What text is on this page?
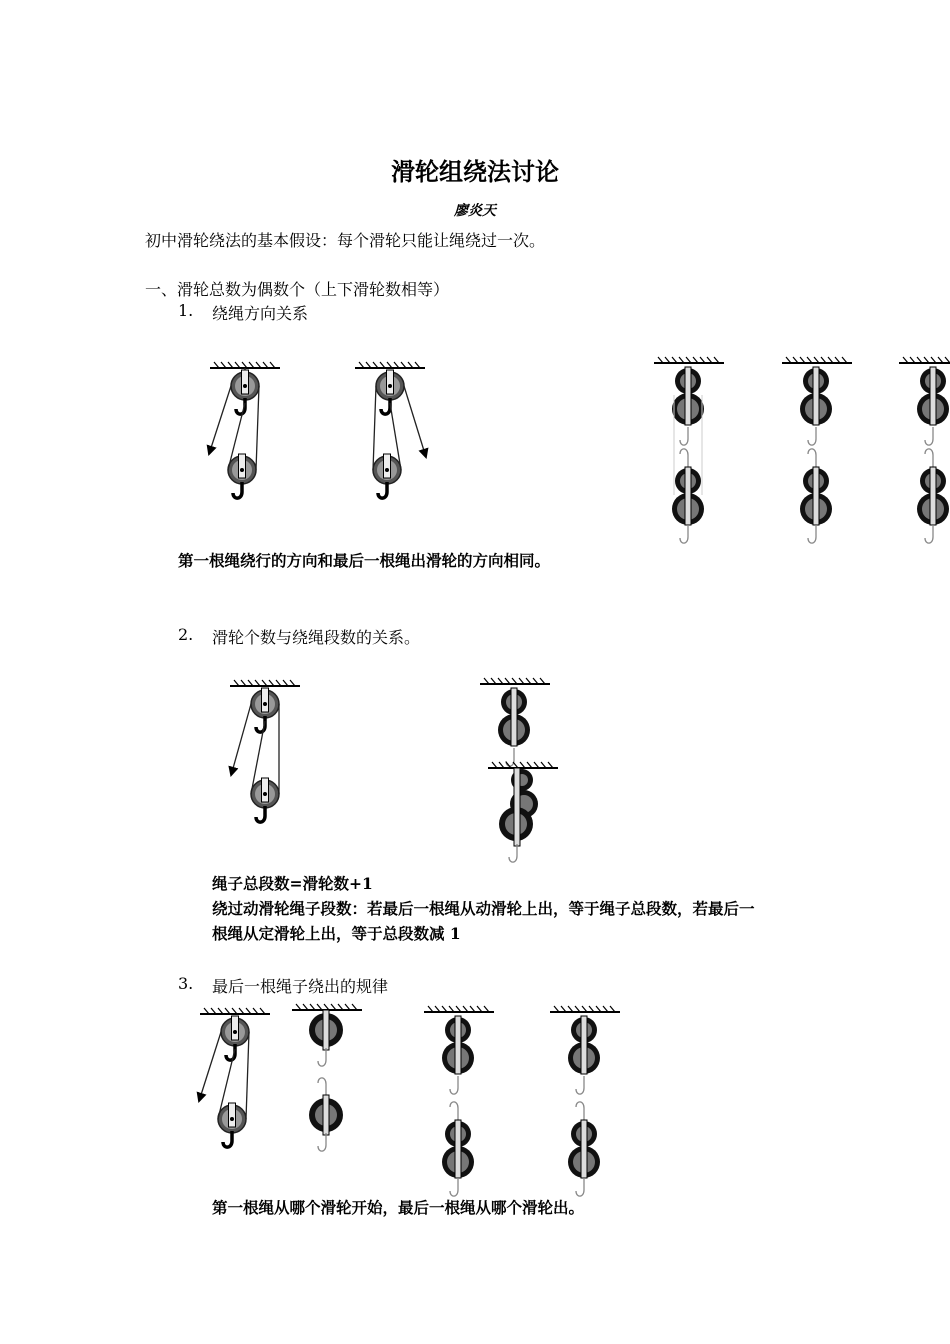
滑轮组绕法讨论
廖炎天
初中滑轮绕法的基本假设：每个滑轮只能让绳绕过一次。
一、滑轮总数为偶数个（上下滑轮数相等）
1. 绕绳方向关系
第一根绳绕行的方向和最后一根绳出滑轮的方向相同。
2. 滑轮个数与绕绳段数的关系。
绳子总段数=滑轮数+1
绕过动滑轮绳子段数：若最后一根绳从动滑轮上出，等于绳子总段数，若最后一
根绳从定滑轮上出，等于总段数减 1
3. 最后一根绳子绕出的规律
第一根绳从哪个滑轮开始，最后一根绳从哪个滑轮出。
